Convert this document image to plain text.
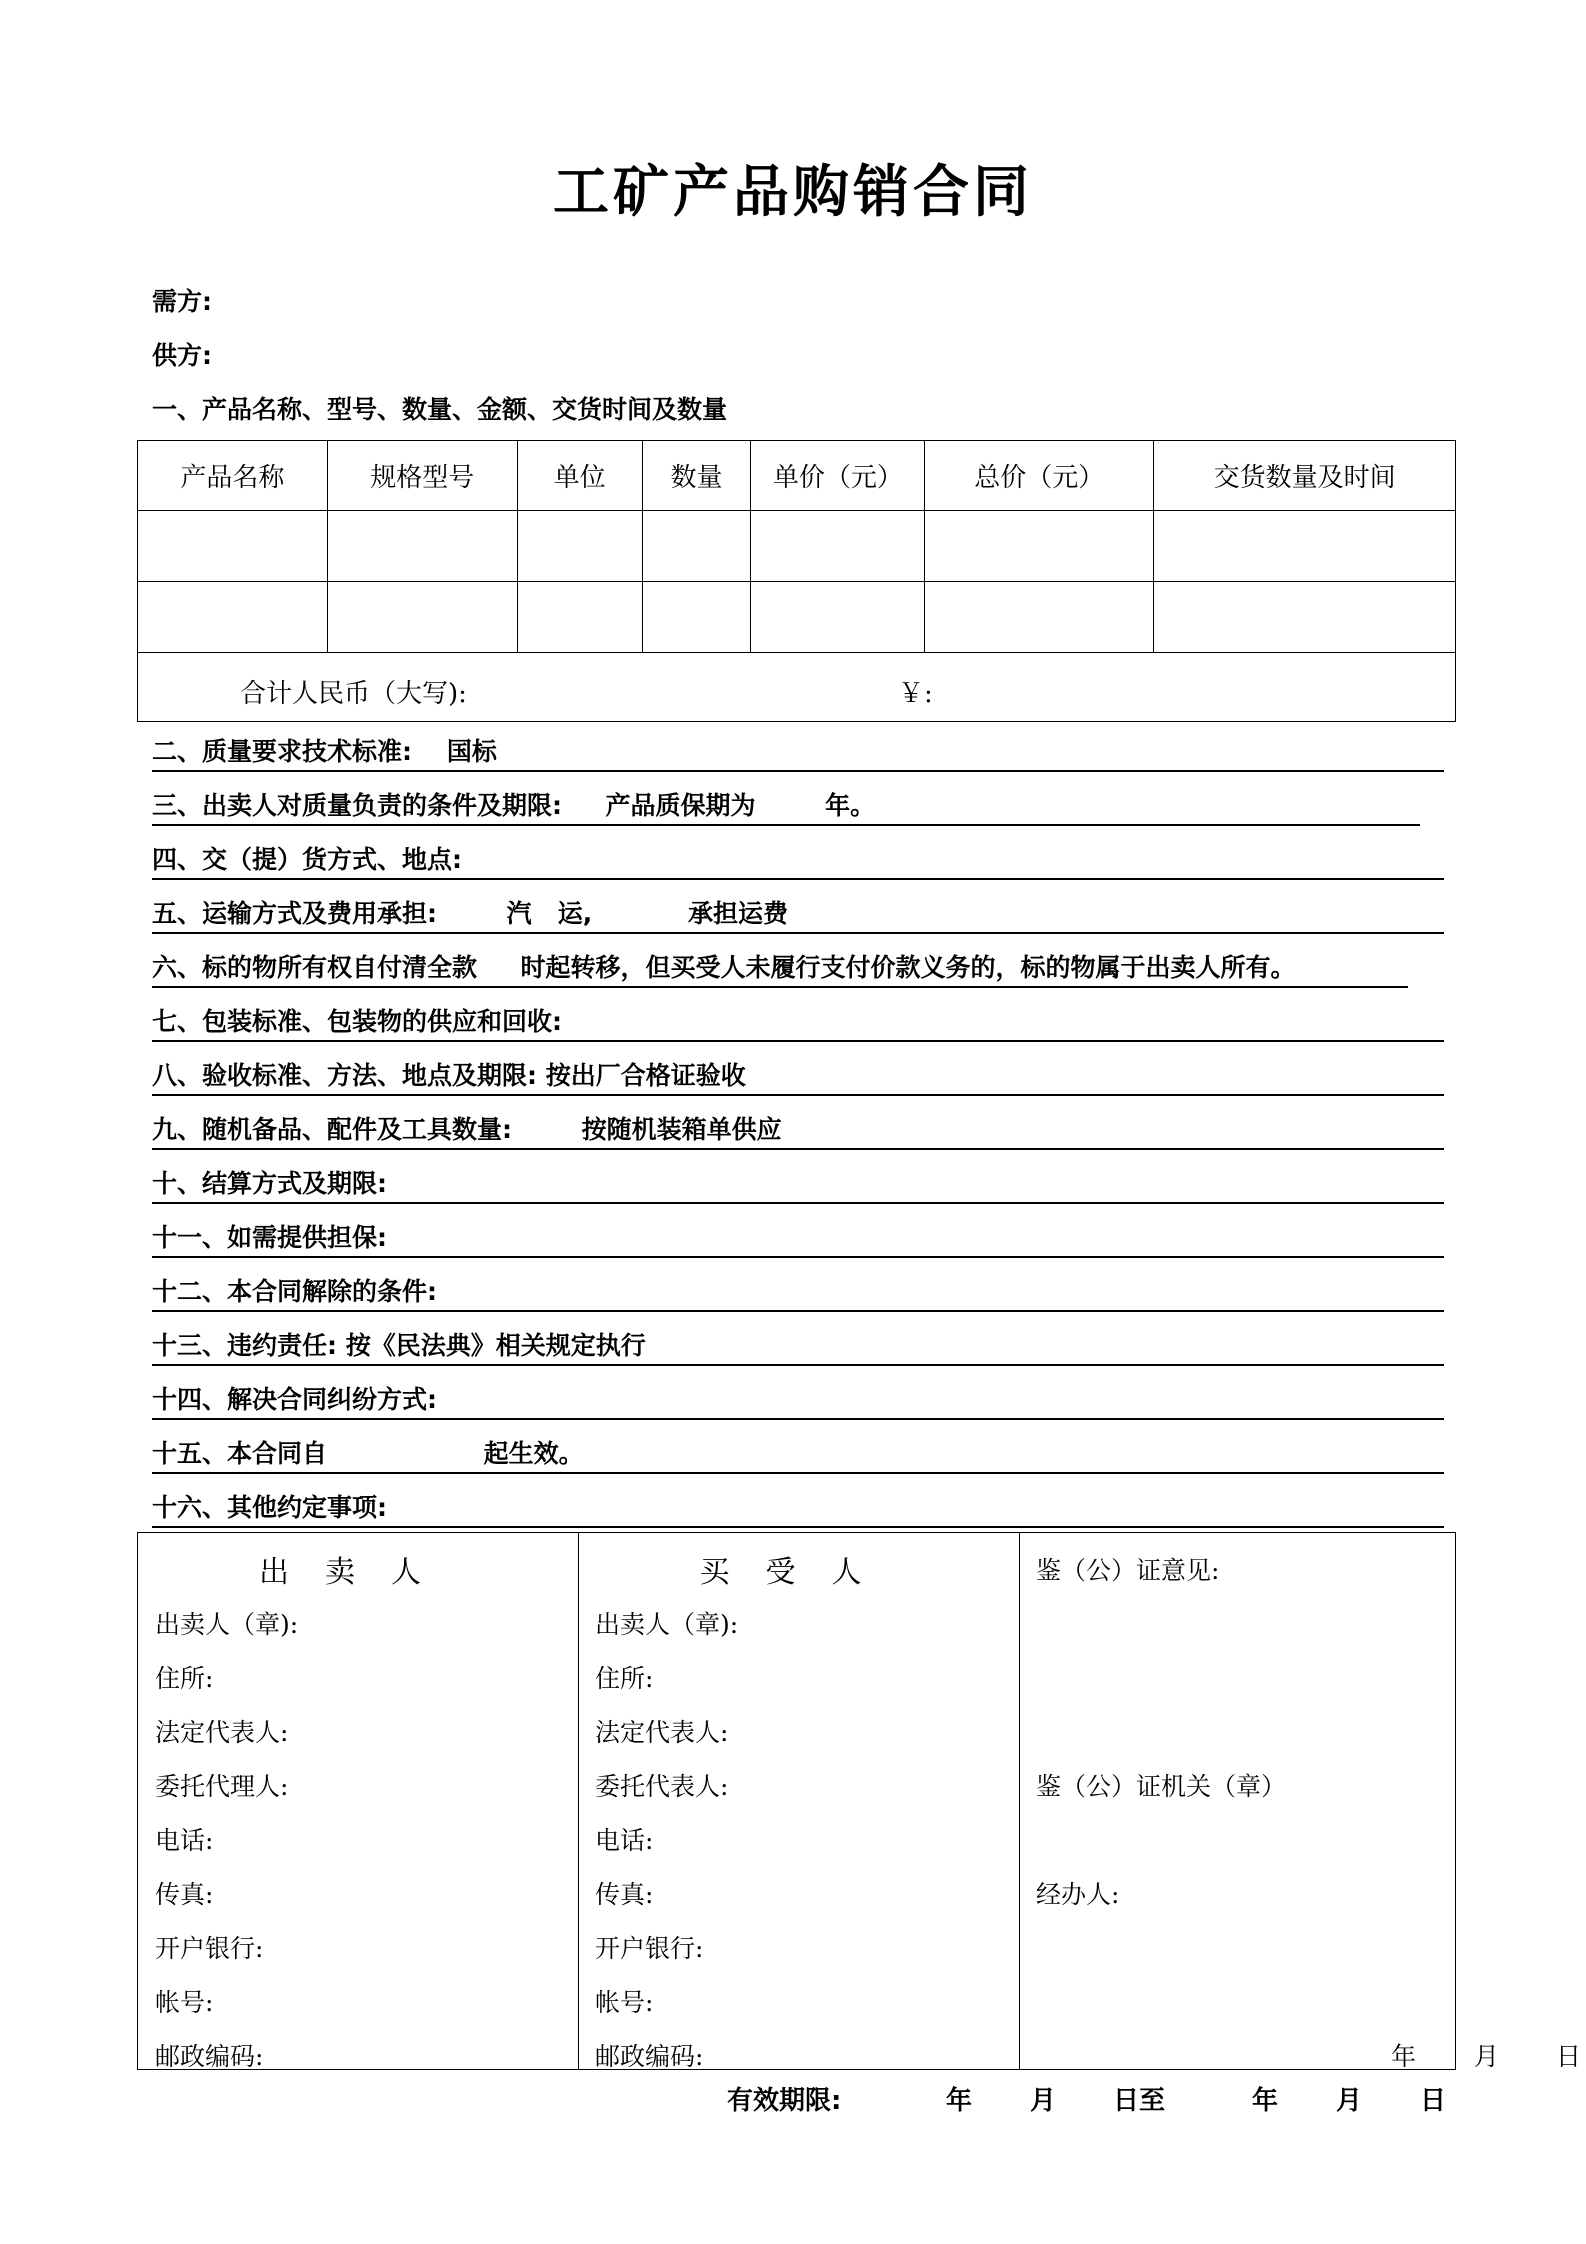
工矿产品购销合同
需方:
供方:
一、产品名称、型号、数量、金额、交货时间及数量
产品名称	规格型号	单位	数量	单价（元）	总价（元）	交货数量及时间

合计人民币（大写): ￥:						
二、质量要求技术标准:    国标
三、出卖人对质量负责的条件及期限:     产品质保期为        年。
四、交（提）货方式、地点:
五、运输方式及费用承担:        汽   运,           承担运费
六、标的物所有权自付清全款     时起转移，但买受人未履行支付价款义务的，标的物属于出卖人所有。
七、包装标准、包装物的供应和回收:
八、验收标准、方法、地点及期限: 按出厂合格证验收
九、随机备品、配件及工具数量:        按随机装箱单供应
十、结算方式及期限:
十一、如需提供担保:
十二、本合同解除的条件:
十三、违约责任: 按《民法典》相关规定执行
十四、解决合同纠纷方式:
十五、本合同自                  起生效。
十六、其他约定事项:
出卖人
出卖人（章):
住所:
法定代表人:
委托代理人:
电话:
传真:
开户银行:
帐号:
邮政编码:
买受人
出卖人（章):
住所:
法定代表人:
委托代表人:
电话:
传真:
开户银行:
帐号:
邮政编码:
鉴（公）证意见:
鉴（公）证机关（章）
经办人:
年 月 日
有效期限:	年 月 日至	年 月 日
